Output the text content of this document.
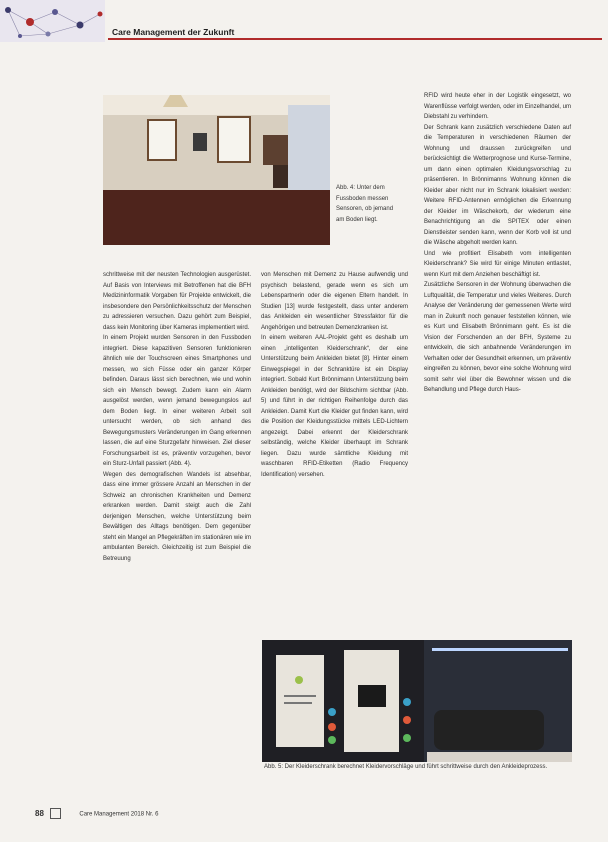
Care Management der Zukunft
Abb. 4: Unter dem Fussboden messen Sensoren, ob jemand am Boden liegt.

schrittweise mit der neusten Technologien ausgerüstet. Auf Basis von Interviews mit Betroffenen hat die BFH Medizininformatik Vorgaben für Projekte entwickelt, die insbesondere den Persönlichkeitsschutz der Menschen zu adressieren versuchen. Dazu gehört zum Beispiel, dass kein Monitoring über Kameras implementiert wird.

In einem Projekt wurden Sensoren in den Fussboden integriert. Diese kapazitiven Sensoren funktionieren ähnlich wie der Touchscreen eines Smartphones und messen, wo sich Füsse oder ein ganzer Körper befinden. Daraus lässt sich berechnen, wie und wohin sich ein Mensch bewegt. Zudem kann ein Alarm ausgelöst werden, wenn jemand bewegungslos auf dem Boden liegt. In einer weiteren Arbeit soll untersucht werden, ob sich anhand des Bewegungsmusters Veränderungen im Gang erkennen lassen, die auf eine Sturzgefahr hinweisen. Ziel dieser Forschungsarbeit ist es, präventiv vorzugehen, bevor ein Sturz-Unfall passiert (Abb. 4).

Wegen des demografischen Wandels ist absehbar, dass eine immer grössere Anzahl an Menschen in der Schweiz an chronischen Krankheiten und Demenz erkranken werden. Damit steigt auch die Zahl derjenigen Menschen, welche Unterstützung beim Bewältigen des Alltags benötigen. Dem gegenüber steht ein Mangel an Pflegekräften im stationären wie im ambulanten Bereich. Gleichzeitig ist zum Beispiel die Betreuung

von Menschen mit Demenz zu Hause aufwendig und psychisch belastend, gerade wenn es sich um Lebenspartnerin oder die eigenen Eltern handelt. In Studien [13] wurde festgestellt, dass unter anderem das Ankleiden ein wesentlicher Stressfaktor für die Angehörigen und betreuten Demenzkranken ist.

In einem weiteren AAL-Projekt geht es deshalb um einen „intelligenten Kleiderschrank“, der eine Unterstützung beim Ankleiden bietet [8]. Hinter einem Einwegspiegel in der Schranktüre ist ein Display integriert. Sobald Kurt Brönnimann Unterstützung beim Ankleiden benötigt, wird der Bildschirm sichtbar (Abb. 5) und führt in der richtigen Reihenfolge durch das Ankleiden. Damit Kurt die Kleider gut finden kann, wird die Position der Kleidungsstücke mittels LED-Lichtern angezeigt. Dabei erkennt der Kleiderschrank selbständig, welche Kleider überhaupt im Schrank liegen. Dazu wurde sämtliche Kleidung mit waschbaren RFID-Etiketten (Radio Frequency Identification) versehen.

RFID wird heute eher in der Logistik eingesetzt, wo Warenflüsse verfolgt werden, oder im Einzelhandel, um Diebstahl zu verhindern.

Der Schrank kann zusätzlich verschiedene Daten auf die Temperaturen in verschiedenen Räumen der Wohnung und draussen zurückgreifen und berücksichtigt die Wetterprognose und Kurse-Termine, um dann einen optimalen Kleidungsvorschlag zu präsentieren. In Brönnimanns Wohnung können die Kleider aber nicht nur im Schrank lokalisiert werden: Weitere RFID-Antennen ermöglichen die Erkennung der Kleider im Wäschekorb, der wiederum eine Benachrichtigung an die SPITEX oder einen Dienstleister senden kann, wenn der Korb voll ist und die Wäsche abgeholt werden kann.

Und wie profitiert Elisabeth vom intelligenten Kleiderschrank? Sie wird für einige Minuten entlastet, wenn Kurt mit dem Anziehen beschäftigt ist.

Zusätzliche Sensoren in der Wohnung überwachen die Luftqualität, die Temperatur und vieles Weiteres. Durch Analyse der Veränderung der gemessenen Werte wird man in Zukunft noch genauer feststellen können, wie es Kurt und Elisabeth Brönnimann geht. Es ist die Vision der Forschenden an der BFH, Systeme zu entwickeln, die sich anbahnende Veränderungen im Verhalten oder der Gesundheit erkennen, um präventiv eingreifen zu können, bevor eine solche Wohnung wird somit sehr viel über die Bewohner wissen und die Behandlung und Pflege durch Haus-

Abb. 5: Der Kleiderschrank berechnet Kleidervorschläge und führt schrittweise durch den Ankleideprozess.
88	Care Management 2018 Nr. 6
